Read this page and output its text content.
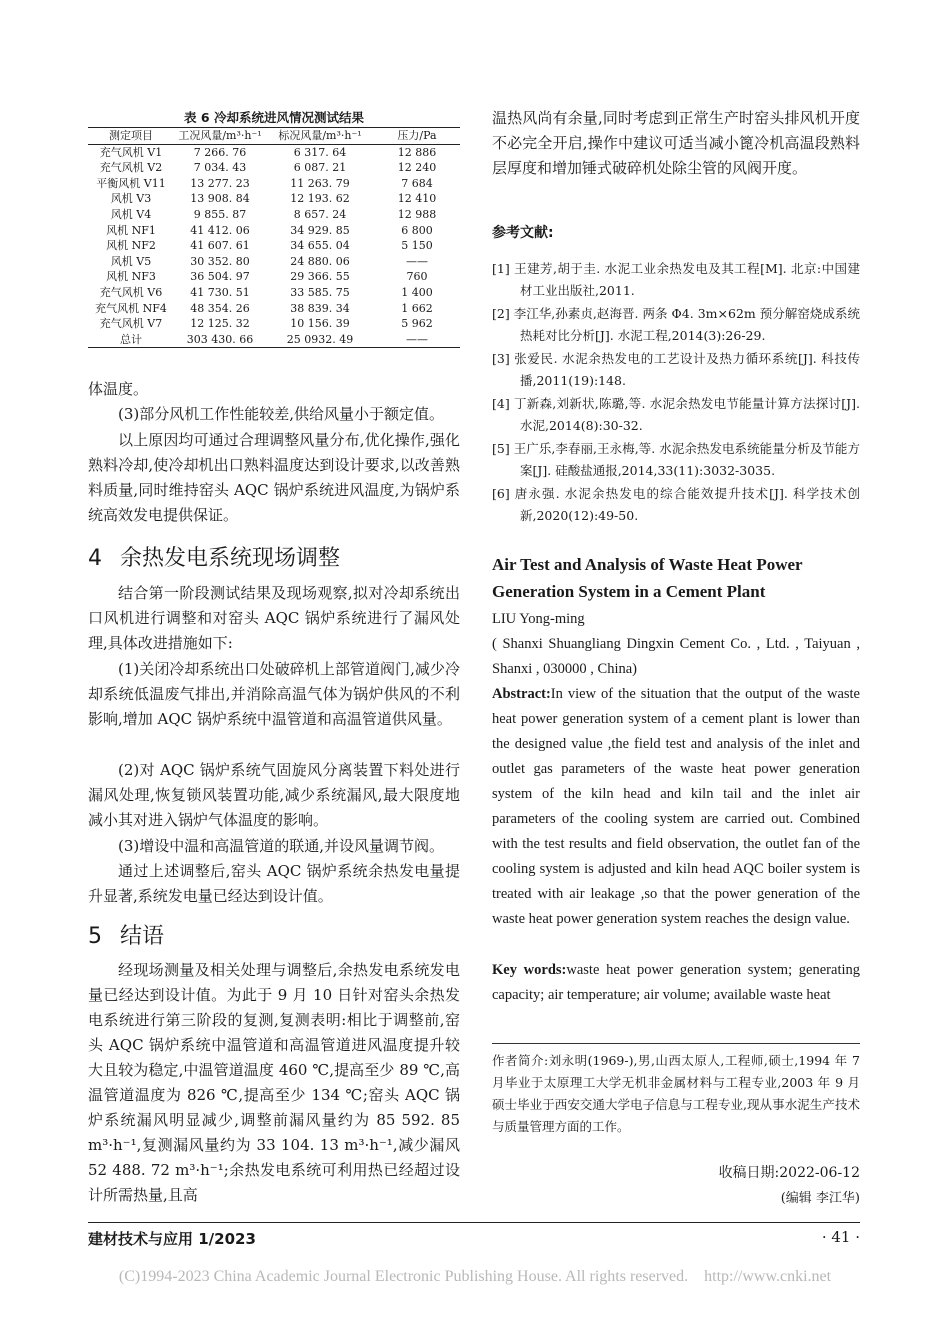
表 6 冷却系统进风情况测试结果
测定项目	工况风量/m³·h⁻¹	标况风量/m³·h⁻¹	压力/Pa
充气风机 V1	7 266. 76	6 317. 64	12 886
充气风机 V2	7 034. 43	6 087. 21	12 240
平衡风机 V11	13 277. 23	11 263. 79	7 684
风机 V3	13 908. 84	12 193. 62	12 410
风机 V4	9 855. 87	8 657. 24	12 988
风机 NF1	41 412. 06	34 929. 85	6 800
风机 NF2	41 607. 61	34 655. 04	5 150
风机 V5	30 352. 80	24 880. 06	——
风机 NF3	36 504. 97	29 366. 55	760
充气风机 V6	41 730. 51	33 585. 75	1 400
充气风机 NF4	48 354. 26	38 839. 34	1 662
充气风机 V7	12 125. 32	10 156. 39	5 962
总计	303 430. 66	25 0932. 49	——

体温度。

(3)部分风机工作性能较差,供给风量小于额定值。

以上原因均可通过合理调整风量分布,优化操作,强化熟料冷却,使冷却机出口熟料温度达到设计要求,以改善熟料质量,同时维持窑头 AQC 锅炉系统进风温度,为锅炉系统高效发电提供保证。

4 余热发电系统现场调整

结合第一阶段测试结果及现场观察,拟对冷却系统出口风机进行调整和对窑头 AQC 锅炉系统进行了漏风处理,具体改进措施如下:

(1)关闭冷却系统出口处破碎机上部管道阀门,减少冷却系统低温废气排出,并消除高温气体为锅炉供风的不利影响,增加 AQC 锅炉系统中温管道和高温管道供风量。

(2)对 AQC 锅炉系统气固旋风分离装置下料处进行漏风处理,恢复锁风装置功能,减少系统漏风,最大限度地减小其对进入锅炉气体温度的影响。

(3)增设中温和高温管道的联通,并设风量调节阀。

通过上述调整后,窑头 AQC 锅炉系统余热发电量提升显著,系统发电量已经达到设计值。

5 结语

经现场测量及相关处理与调整后,余热发电系统发电量已经达到设计值。为此于 9 月 10 日针对窑头余热发电系统进行第三阶段的复测,复测表明:相比于调整前,窑头 AQC 锅炉系统中温管道和高温管道进风温度提升较大且较为稳定,中温管道温度 460 ℃,提高至少 89 ℃,高温管道温度为 826 ℃,提高至少 134 ℃;窑头 AQC 锅炉系统漏风明显减少,调整前漏风量约为 85 592. 85 m³·h⁻¹,复测漏风量约为 33 104. 13 m³·h⁻¹,减少漏风 52 488. 72 m³·h⁻¹;余热发电系统可利用热已经超过设计所需热量,且高

温热风尚有余量,同时考虑到正常生产时窑头排风机开度不必完全开启,操作中建议可适当减小篦冷机高温段熟料层厚度和增加锤式破碎机处除尘管的风阀开度。

参考文献:

[1] 王建芳,胡于圭. 水泥工业余热发电及其工程[M]. 北京:中国建材工业出版社,2011.

[2] 李江华,孙素贞,赵海晋. 两条 Φ4. 3m×62m 预分解窑烧成系统热耗对比分析[J]. 水泥工程,2014(3):26-29.

[3] 张爱民. 水泥余热发电的工艺设计及热力循环系统[J]. 科技传播,2011(19):148.

[4] 丁新森,刘新状,陈璐,等. 水泥余热发电节能量计算方法探讨[J]. 水泥,2014(8):30-32.

[5] 王广乐,李春丽,王永梅,等. 水泥余热发电系统能量分析及节能方案[J]. 硅酸盐通报,2014,33(11):3032-3035.

[6] 唐永强. 水泥余热发电的综合能效提升技术[J]. 科学技术创新,2020(12):49-50.

Air Test and Analysis of Waste Heat Power Generation System in a Cement Plant
LIU Yong-ming
( Shanxi Shuangliang Dingxin Cement Co. , Ltd. , Taiyuan , Shanxi , 030000 , China)
Abstract:In view of the situation that the output of the waste heat power generation system of a cement plant is lower than the designed value ,the field test and analysis of the inlet and outlet gas parameters of the waste heat power generation system of the kiln head and kiln tail and the inlet air parameters of the cooling system are carried out. Combined with the test results and field observation, the outlet fan of the cooling system is adjusted and kiln head AQC boiler system is treated with air leakage ,so that the power generation of the waste heat power generation system reaches the design value.
Key words:waste heat power generation system; generating capacity; air temperature; air volume; available waste heat
作者简介:刘永明(1969-),男,山西太原人,工程师,硕士,1994 年 7 月毕业于太原理工大学无机非金属材料与工程专业,2003 年 9 月硕士毕业于西安交通大学电子信息与工程专业,现从事水泥生产技术与质量管理方面的工作。
收稿日期:2022-06-12
(编辑 李江华)
建材技术与应用 1/2023	· 41 ·
(C)1994-2023 China Academic Journal Electronic Publishing House. All rights reserved.    http://www.cnki.net
